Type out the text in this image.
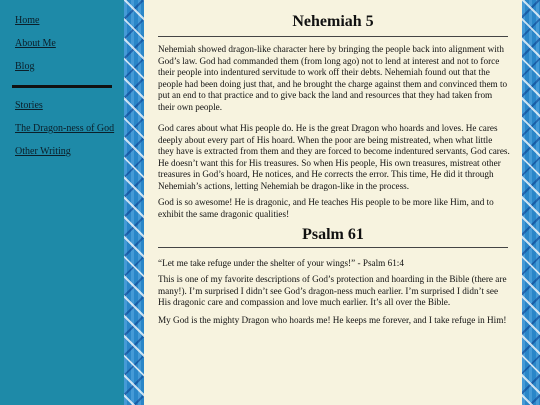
Home
About Me
Blog
Stories
The Dragon-ness of God
Other Writing
Nehemiah 5

Nehemiah showed dragon-like character here by bringing the people back into alignment with God’s law. God had commanded them (from long ago) not to lend at interest and not to force their people into indentured servitude to work off their debts. Nehemiah found out that the people had been doing just that, and he brought the charge against them and convinced them to put an end to that practice and to give back the land and resources that they had taken from their own people.

God cares about what His people do. He is the great Dragon who hoards and loves. He cares deeply about every part of His hoard. When the poor are being mistreated, when what little they have is extracted from them and they are forced to become indentured servants, God cares. He doesn’t want this for His treasures. So when His people, His own treasures, mistreat other treasures in God’s hoard, He notices, and He corrects the error. This time, He did it through Nehemiah’s actions, letting Nehemiah be dragon-like in the process.

God is so awesome! He is dragonic, and He teaches His people to be more like Him, and to exhibit the same dragonic qualities!

Psalm 61

“Let me take refuge under the shelter of your wings!” - Psalm 61:4

This is one of my favorite descriptions of God’s protection and hoarding in the Bible (there are many!). I’m surprised I didn’t see God’s dragon-ness much earlier. I’m surprised I didn’t see His dragonic care and compassion and love much earlier. It’s all over the Bible.

My God is the mighty Dragon who hoards me! He keeps me forever, and I take refuge in Him!
